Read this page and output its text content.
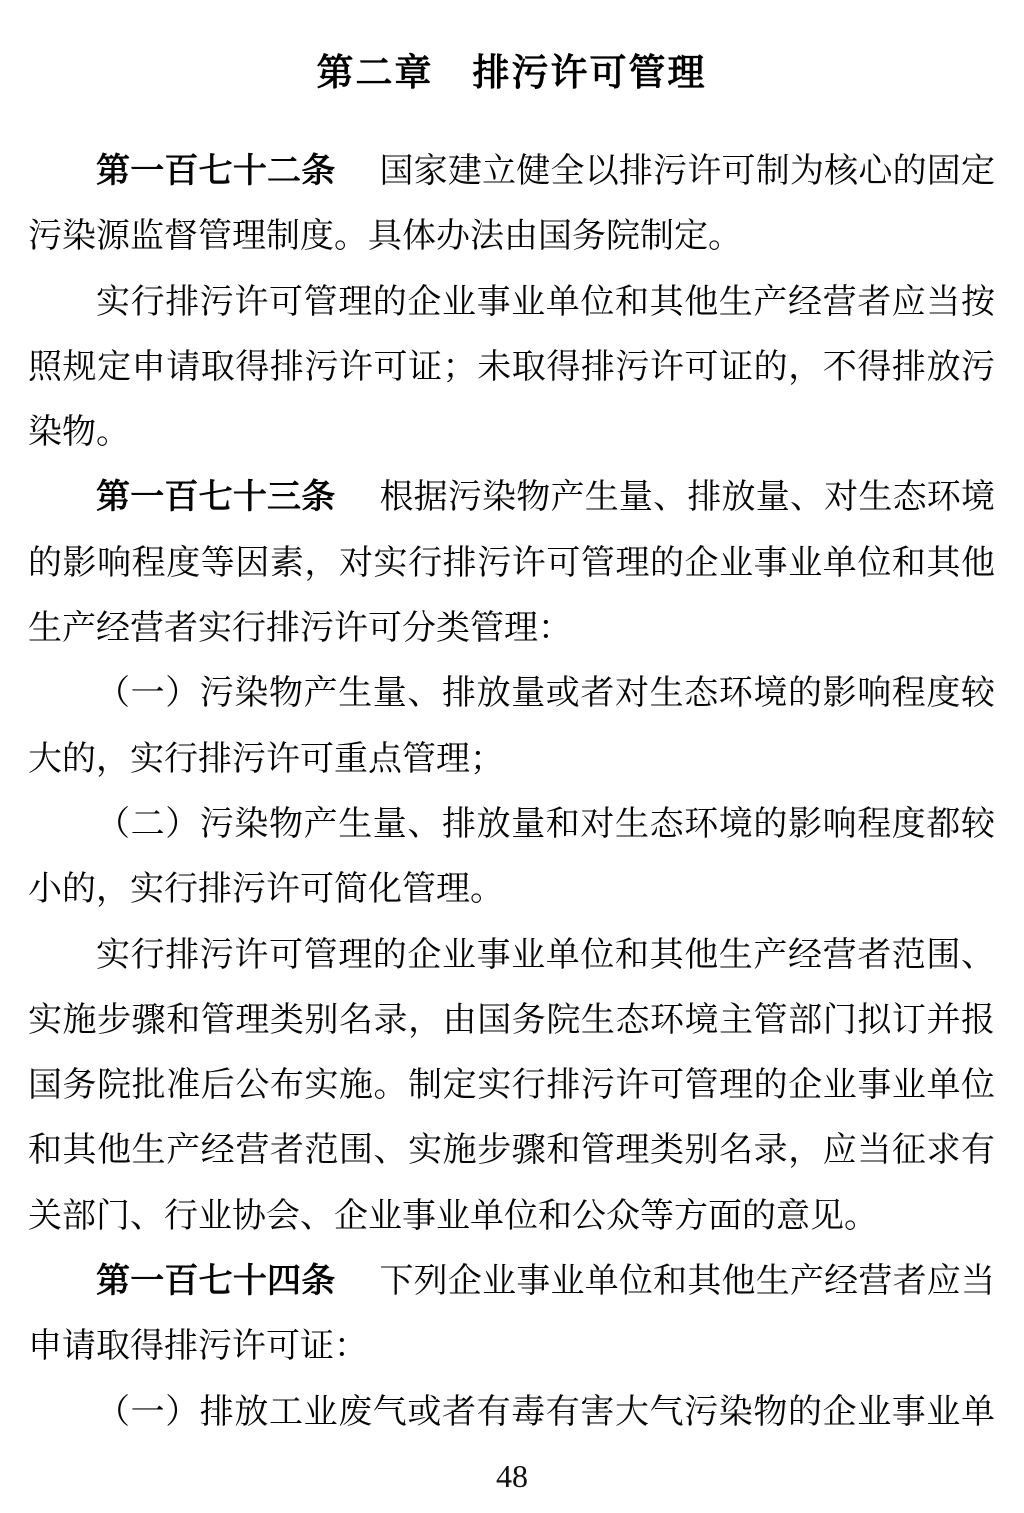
第二章　排污许可管理
第一百七十二条 国家建立健全以排污许可制为核心的固定
污染源监督管理制度。具体办法由国务院制定。
实行排污许可管理的企业事业单位和其他生产经营者应当按
照规定申请取得排污许可证；未取得排污许可证的，不得排放污
染物。
第一百七十三条 根据污染物产生量、排放量、对生态环境
的影响程度等因素，对实行排污许可管理的企业事业单位和其他
生产经营者实行排污许可分类管理：
（一）污染物产生量、排放量或者对生态环境的影响程度较
大的，实行排污许可重点管理；
（二）污染物产生量、排放量和对生态环境的影响程度都较
小的，实行排污许可简化管理。
实行排污许可管理的企业事业单位和其他生产经营者范围、
实施步骤和管理类别名录，由国务院生态环境主管部门拟订并报
国务院批准后公布实施。制定实行排污许可管理的企业事业单位
和其他生产经营者范围、实施步骤和管理类别名录，应当征求有
关部门、行业协会、企业事业单位和公众等方面的意见。
第一百七十四条 下列企业事业单位和其他生产经营者应当
申请取得排污许可证：
（一）排放工业废气或者有毒有害大气污染物的企业事业单
48
